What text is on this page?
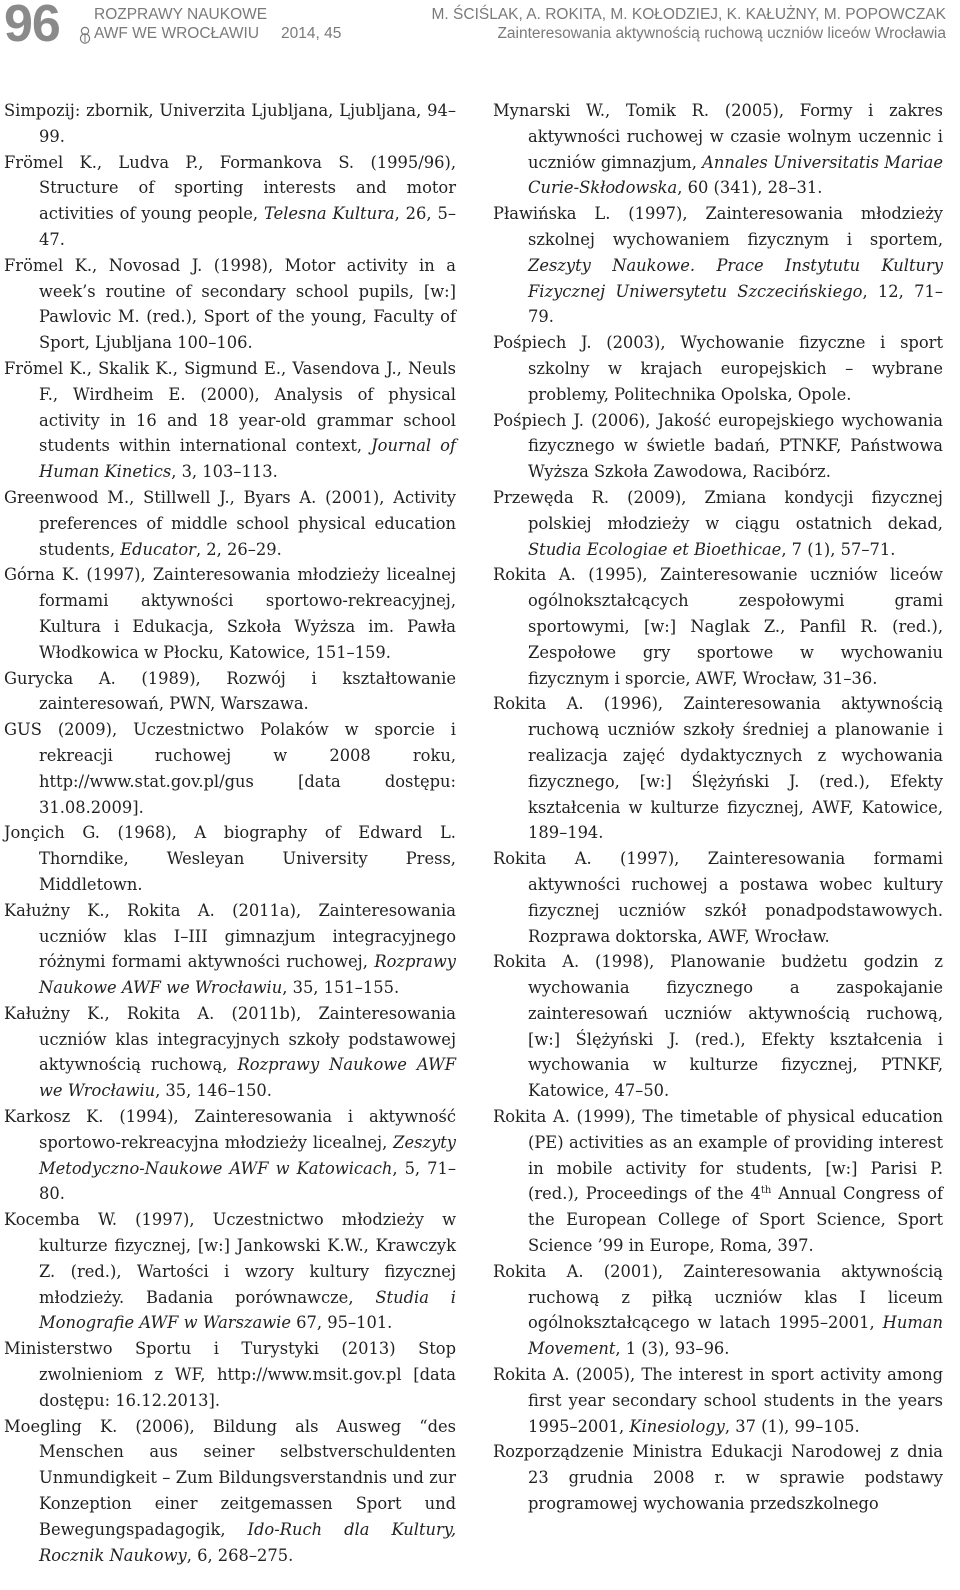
96 ROZPRAWY NAUKOWE
AWF WE WROCŁAWIU 2014, 45
M. ŚCIŚLAK, A. ROKITA, M. KOŁODZIEJ, K. KAŁUŻNY, M. POPOWCZAK
Zainteresowania aktywnością ruchową uczniów liceów Wrocławia

Simpozij: zbornik, Univerzita Ljubljana, Ljubljana, 94–99.

Frömel K., Ludva P., Formankova S. (1995/96), Structure of sporting interests and motor activities of young people, Telesna Kultura, 26, 5–47.

Frömel K., Novosad J. (1998), Motor activity in a week’s routine of secondary school pupils, [w:] Pawlovic M. (red.), Sport of the young, Faculty of Sport, Ljubljana 100–106.

Frömel K., Skalik K., Sigmund E., Vasendova J., Neuls F., Wirdheim E. (2000), Analysis of physical activity in 16 and 18 year-old grammar school students within international context, Journal of Human Kinetics, 3, 103–113.

Greenwood M., Stillwell J., Byars A. (2001), Activity preferences of middle school physical education students, Educator, 2, 26–29.

Górna K. (1997), Zainteresowania młodzieży licealnej formami aktywności sportowo-rekreacyjnej, Kultura i Edukacja, Szkoła Wyższa im. Pawła Włodkowica w Płocku, Katowice, 151–159.

Gurycka A. (1989), Rozwój i kształtowanie zainteresowań, PWN, Warszawa.

GUS (2009), Uczestnictwo Polaków w sporcie i rekreacji ruchowej w 2008 roku, http://www.stat.gov.pl/gus [data dostępu: 31.08.2009].

Jonçich G. (1968), A biography of Edward L. Thorndike, Wesleyan University Press, Middletown.

Kałużny K., Rokita A. (2011a), Zainteresowania uczniów klas I–III gimnazjum integracyjnego różnymi formami aktywności ruchowej, Rozprawy Naukowe AWF we Wrocławiu, 35, 151–155.

Kałużny K., Rokita A. (2011b), Zainteresowania uczniów klas integracyjnych szkoły podstawowej aktywnością ruchową, Rozprawy Naukowe AWF we Wrocławiu, 35, 146–150.

Karkosz K. (1994), Zainteresowania i aktywność sportowo-rekreacyjna młodzieży licealnej, Zeszyty Metodyczno-Naukowe AWF w Katowicach, 5, 71–80.

Kocemba W. (1997), Uczestnictwo młodzieży w kulturze fizycznej, [w:] Jankowski K.W., Krawczyk Z. (red.), Wartości i wzory kultury fizycznej młodzieży. Badania porównawcze, Studia i Monografie AWF w Warszawie 67, 95–101.

Ministerstwo Sportu i Turystyki (2013) Stop zwolnieniom z WF, http://www.msit.gov.pl [data dostępu: 16.12.2013].

Moegling K. (2006), Bildung als Ausweg “des Menschen aus seiner selbstverschuldenten Unmundigkeit – Zum Bildungsverstandnis und zur Konzeption einer zeitgemassen Sport und Bewegungspadagogik, Ido-Ruch dla Kultury, Rocznik Naukowy, 6, 268–275.

Mynarski W., Tomik R. (2005), Formy i zakres aktywności ruchowej w czasie wolnym uczennic i uczniów gimnazjum, Annales Universitatis Mariae Curie-Skłodowska, 60 (341), 28–31.

Pławińska L. (1997), Zainteresowania młodzieży szkolnej wychowaniem fizycznym i sportem, Zeszyty Naukowe. Prace Instytutu Kultury Fizycznej Uniwersytetu Szczecińskiego, 12, 71–79.

Pośpiech J. (2003), Wychowanie fizyczne i sport szkolny w krajach europejskich – wybrane problemy, Politechnika Opolska, Opole.

Pośpiech J. (2006), Jakość europejskiego wychowania fizycznego w świetle badań, PTNKF, Państwowa Wyższa Szkoła Zawodowa, Racibórz.

Przewęda R. (2009), Zmiana kondycji fizycznej polskiej młodzieży w ciągu ostatnich dekad, Studia Ecologiae et Bioethicae, 7 (1), 57–71.

Rokita A. (1995), Zainteresowanie uczniów liceów ogólnokształcących zespołowymi grami sportowymi, [w:] Naglak Z., Panfil R. (red.), Zespołowe gry sportowe w wychowaniu fizycznym i sporcie, AWF, Wrocław, 31–36.

Rokita A. (1996), Zainteresowania aktywnością ruchową uczniów szkoły średniej a planowanie i realizacja zajęć dydaktycznych z wychowania fizycznego, [w:] Ślężyński J. (red.), Efekty kształcenia w kulturze fizycznej, AWF, Katowice, 189–194.

Rokita A. (1997), Zainteresowania formami aktywności ruchowej a postawa wobec kultury fizycznej uczniów szkół ponadpodstawowych. Rozprawa doktorska, AWF, Wrocław.

Rokita A. (1998), Planowanie budżetu godzin z wychowania fizycznego a zaspokajanie zainteresowań uczniów aktywnością ruchową, [w:] Ślężyński J. (red.), Efekty kształcenia i wychowania w kulturze fizycznej, PTNKF, Katowice, 47–50.

Rokita A. (1999), The timetable of physical education (PE) activities as an example of providing interest in mobile activity for students, [w:] Parisi P. (red.), Proceedings of the 4th Annual Congress of the European College of Sport Science, Sport Science ’99 in Europe, Roma, 397.

Rokita A. (2001), Zainteresowania aktywnością ruchową z piłką uczniów klas I liceum ogólnokształcącego w latach 1995–2001, Human Movement, 1 (3), 93–96.

Rokita A. (2005), The interest in sport activity among first year secondary school students in the years 1995–2001, Kinesiology, 37 (1), 99–105.

Rozporządzenie Ministra Edukacji Narodowej z dnia 23 grudnia 2008 r. w sprawie podstawy programowej wychowania przedszkolnego
